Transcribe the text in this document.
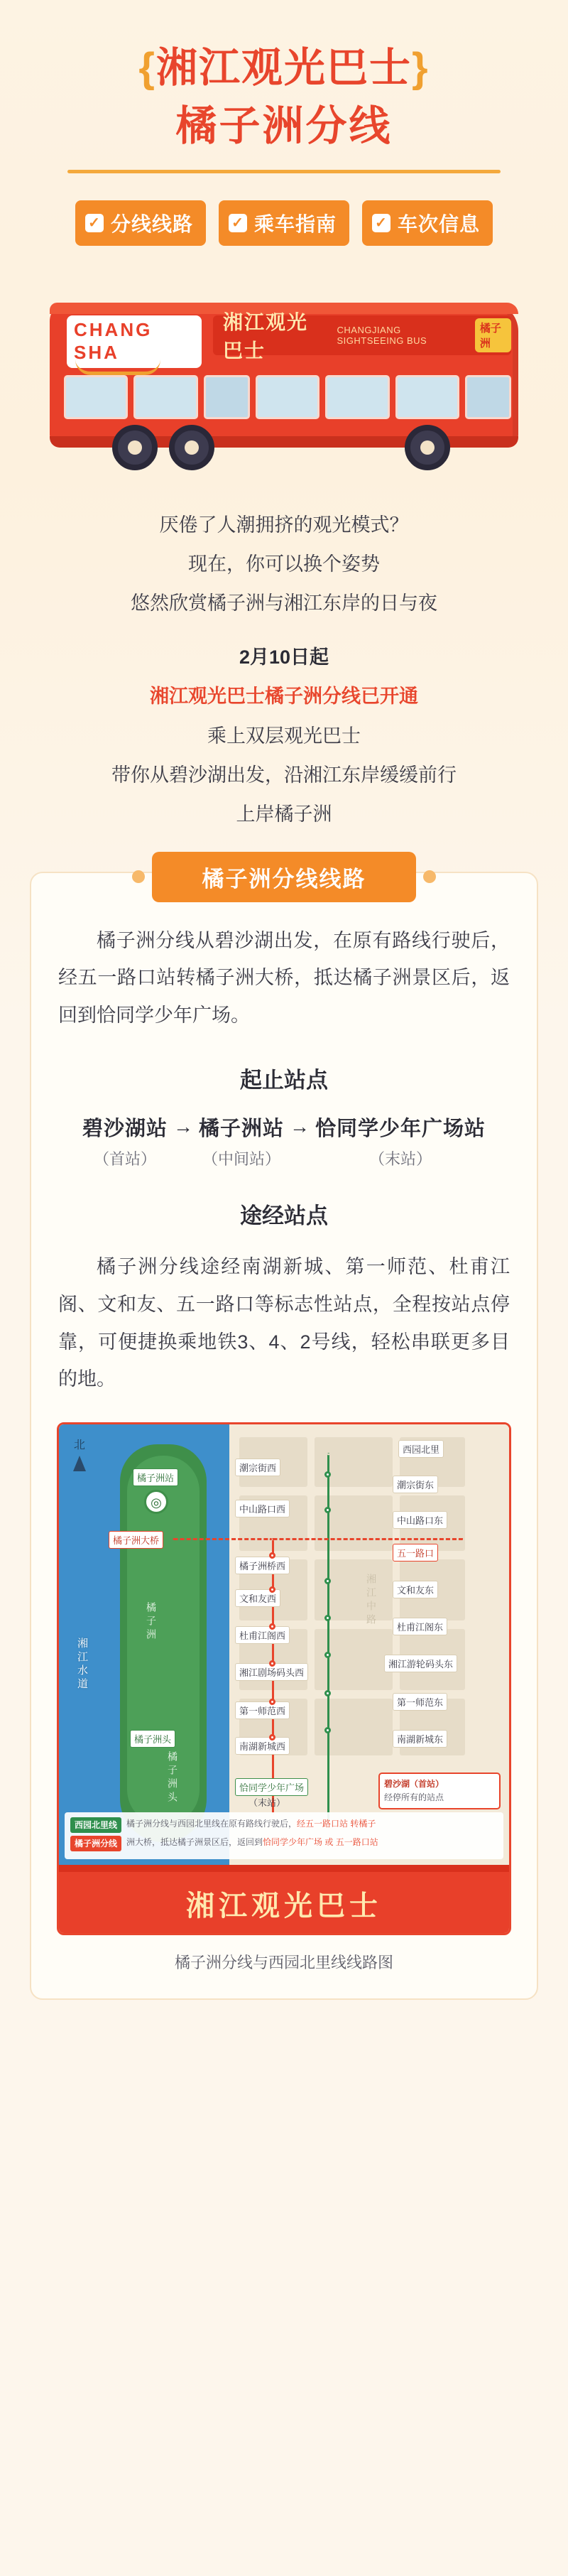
{湘江观光巴士}
橘子洲分线
✓ 分线线路	✓ 乘车指南	✓ 车次信息
CHANG
SHA
湘江观光巴士
CHANGJIANG SIGHTSEEING BUS
橘子洲
厌倦了人潮拥挤的观光模式？
现在，你可以换个姿势
悠然欣赏橘子洲与湘江东岸的日与夜
2月10日起
湘江观光巴士橘子洲分线已开通
乘上双层观光巴士
带你从碧沙湖出发，沿湘江东岸缓缓前行
上岸橘子洲
橘子洲分线线路
橘子洲分线从碧沙湖出发，在原有路线行驶后，经五一路口站转橘子洲大桥，抵达橘子洲景区后，返回到恰同学少年广场。
起止站点
碧沙湖站
（首站）
→ 橘子洲站
（中间站）
→ 恰同学少年广场站
（末站）
途经站点
橘子洲分线途经南湖新城、第一师范、杜甫江阁、文和友、五一路口等标志性站点，全程按站点停靠，可便捷换乘地铁3、4、2号线，轻松串联更多目的地。
北
湘江水道
橘子洲
橘子洲头
湘江中路
◎
橘子洲站
橘子洲大桥
橘子洲头
潮宗街西
中山路口西
橘子洲桥西
文和友西
杜甫江阁西
湘江剧场码头西
第一师范西
南湖新城西
恰同学少年广场
（末站）
西园北里
潮宗街东
中山路口东
五一路口
文和友东
杜甫江阁东
湘江游轮码头东
第一师范东
南湖新城东
碧沙湖（首站）
经停所有的站点
西园北里线	橘子洲分线与西园北里线在原有路线行驶后，经五一路口站 转橘子
橘子洲分线	洲大桥，抵达橘子洲景区后，返回到恰同学少年广场 或 五一路口站
湘江观光巴士
橘子洲分线与西园北里线线路图
